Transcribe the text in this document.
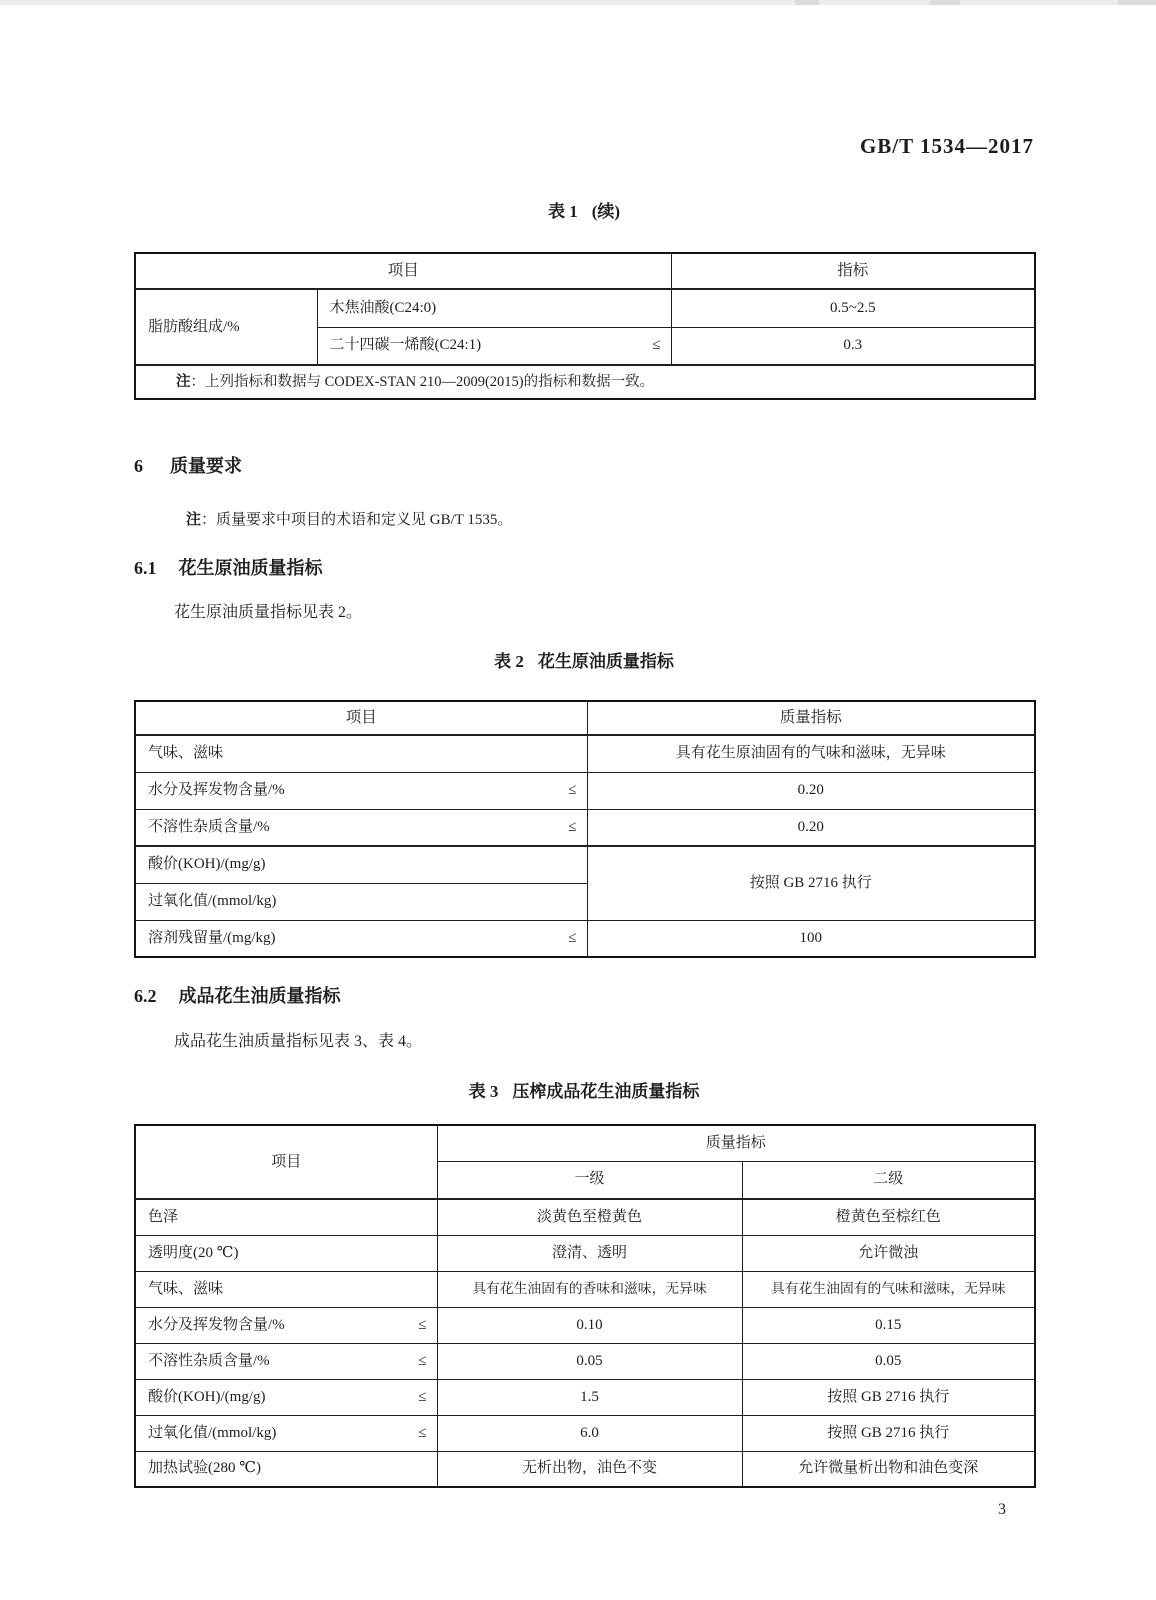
GB/T 1534—2017
表 1 (续)
项目		指标
脂肪酸组成/%	木焦油酸(C24:0)	0.5~2.5

	二十四碳一烯酸(C24:1) ≤	0.3
注：上列指标和数据与 CODEX-STAN 210—2009(2015)的指标和数据一致。		
6 质量要求
注：质量要求中项目的术语和定义见 GB/T 1535。
6.1 花生原油质量指标
花生原油质量指标见表 2。
表 2 花生原油质量指标
项目	质量指标

气味、滋味	具有花生原油固有的气味和滋味，无异味

水分及挥发物含量/% ≤	0.20

不溶性杂质含量/% ≤	0.20

酸价(KOH)/(mg/g)	按照 GB 2716 执行

过氧化值/(mmol/kg)	

溶剂残留量/(mg/kg) ≤	100
6.2 成品花生油质量指标
成品花生油质量指标见表 3、表 4。
表 3 压榨成品花生油质量指标
项目	质量指标	
	一级	二级

色泽	淡黄色至橙黄色	橙黄色至棕红色

透明度(20 ℃)	澄清、透明	允许微浊

气味、滋味	具有花生油固有的香味和滋味，无异味	具有花生油固有的气味和滋味，无异味

水分及挥发物含量/% ≤	0.10	0.15

不溶性杂质含量/% ≤	0.05	0.05

酸价(KOH)/(mg/g) ≤	1.5	按照 GB 2716 执行

过氧化值/(mmol/kg) ≤	6.0	按照 GB 2716 执行

加热试验(280 ℃)	无析出物，油色不变	允许微量析出物和油色变深
3
